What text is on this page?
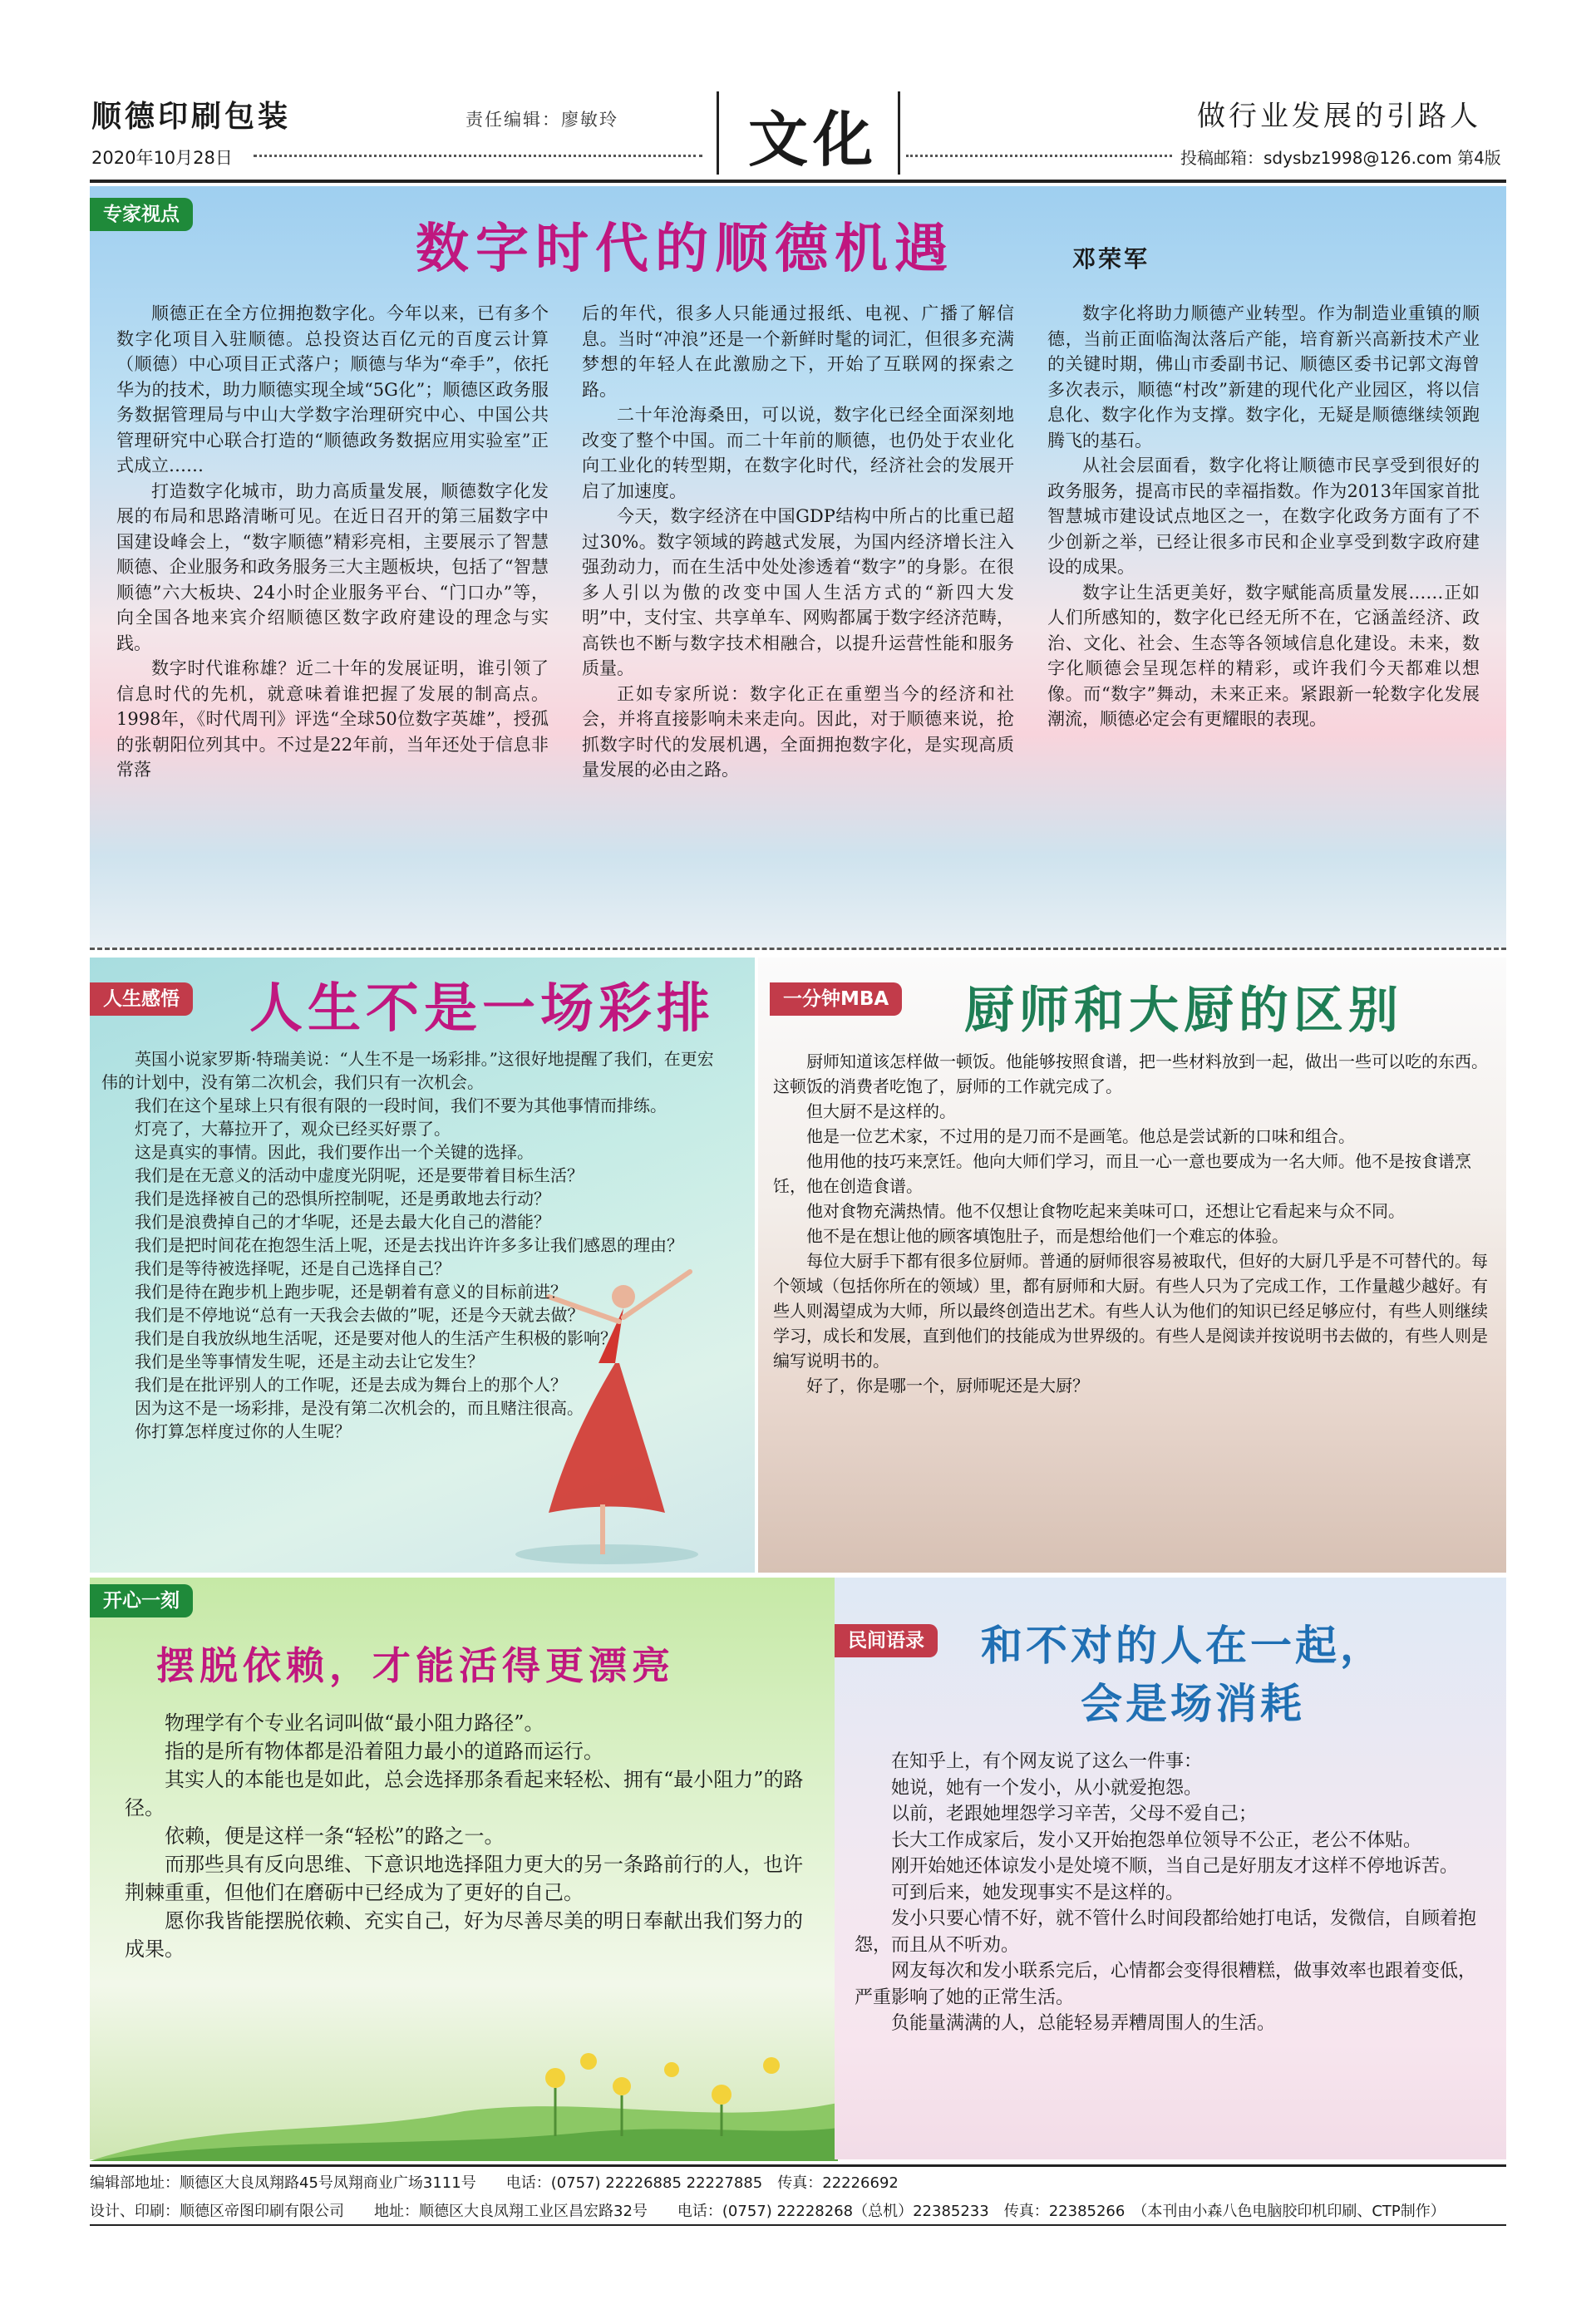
顺德印刷包装	责任编辑：廖敏玲
2020年10月28日	文化	做行业发展的引路人
投稿邮箱：sdysbz1998@126.com 第4版
专家视点
数字时代的顺德机遇	邓荣军

顺德正在全方位拥抱数字化。今年以来，已有多个数字化项目入驻顺德。总投资达百亿元的百度云计算（顺德）中心项目正式落户；顺德与华为“牵手”，依托华为的技术，助力顺德实现全域“5G化”；顺德区政务服务数据管理局与中山大学数字治理研究中心、中国公共管理研究中心联合打造的“顺德政务数据应用实验室”正式成立……

打造数字化城市，助力高质量发展，顺德数字化发展的布局和思路清晰可见。在近日召开的第三届数字中国建设峰会上，“数字顺德”精彩亮相，主要展示了智慧顺德、企业服务和政务服务三大主题板块，包括了“智慧顺德”六大板块、24小时企业服务平台、“门口办”等，向全国各地来宾介绍顺德区数字政府建设的理念与实践。

数字时代谁称雄？近二十年的发展证明，谁引领了信息时代的先机，就意味着谁把握了发展的制高点。1998年，《时代周刊》评选“全球50位数字英雄”，授孤的张朝阳位列其中。不过是22年前，当年还处于信息非常落

后的年代，很多人只能通过报纸、电视、广播了解信息。当时“冲浪”还是一个新鲜时髦的词汇，但很多充满梦想的年轻人在此激励之下，开始了互联网的探索之路。

二十年沧海桑田，可以说，数字化已经全面深刻地改变了整个中国。而二十年前的顺德，也仍处于农业化向工业化的转型期，在数字化时代，经济社会的发展开启了加速度。

今天，数字经济在中国GDP结构中所占的比重已超过30%。数字领域的跨越式发展，为国内经济增长注入强劲动力，而在生活中处处渗透着“数字”的身影。在很多人引以为傲的改变中国人生活方式的“新四大发明”中，支付宝、共享单车、网购都属于数字经济范畴，高铁也不断与数字技术相融合，以提升运营性能和服务质量。

正如专家所说：数字化正在重塑当今的经济和社会，并将直接影响未来走向。因此，对于顺德来说，抢抓数字时代的发展机遇，全面拥抱数字化，是实现高质量发展的必由之路。

数字化将助力顺德产业转型。作为制造业重镇的顺德，当前正面临淘汰落后产能，培育新兴高新技术产业的关键时期，佛山市委副书记、顺德区委书记郭文海曾多次表示，顺德“村改”新建的现代化产业园区，将以信息化、数字化作为支撑。数字化，无疑是顺德继续领跑腾飞的基石。

从社会层面看，数字化将让顺德市民享受到很好的政务服务，提高市民的幸福指数。作为2013年国家首批智慧城市建设试点地区之一，在数字化政务方面有了不少创新之举，已经让很多市民和企业享受到数字政府建设的成果。

数字让生活更美好，数字赋能高质量发展……正如人们所感知的，数字化已经无所不在，它涵盖经济、政治、文化、社会、生态等各领域信息化建设。未来，数字化顺德会呈现怎样的精彩，或许我们今天都难以想像。而“数字”舞动，未来正来。紧跟新一轮数字化发展潮流，顺德必定会有更耀眼的表现。

人生感悟 人生不是一场彩排

英国小说家罗斯·特瑞美说：“人生不是一场彩排。”这很好地提醒了我们，在更宏伟的计划中，没有第二次机会，我们只有一次机会。

我们在这个星球上只有很有限的一段时间，我们不要为其他事情而排练。

灯亮了，大幕拉开了，观众已经买好票了。

这是真实的事情。因此，我们要作出一个关键的选择。

我们是在无意义的活动中虚度光阴呢，还是要带着目标生活？

我们是选择被自己的恐惧所控制呢，还是勇敢地去行动？

我们是浪费掉自己的才华呢，还是去最大化自己的潜能？

我们是把时间花在抱怨生活上呢，还是去找出许许多多让我们感恩的理由？

我们是等待被选择呢，还是自己选择自己？

我们是待在跑步机上跑步呢，还是朝着有意义的目标前进？

我们是不停地说“总有一天我会去做的”呢，还是今天就去做？

我们是自我放纵地生活呢，还是要对他人的生活产生积极的影响？

我们是坐等事情发生呢，还是主动去让它发生？

我们是在批评别人的工作呢，还是去成为舞台上的那个人？

因为这不是一场彩排，是没有第二次机会的，而且赌注很高。

你打算怎样度过你的人生呢？

一分钟MBA 厨师和大厨的区别

厨师知道该怎样做一顿饭。他能够按照食谱，把一些材料放到一起，做出一些可以吃的东西。这顿饭的消费者吃饱了，厨师的工作就完成了。

但大厨不是这样的。

他是一位艺术家，不过用的是刀而不是画笔。他总是尝试新的口味和组合。

他用他的技巧来烹饪。他向大师们学习，而且一心一意也要成为一名大师。他不是按食谱烹饪，他在创造食谱。

他对食物充满热情。他不仅想让食物吃起来美味可口，还想让它看起来与众不同。

他不是在想让他的顾客填饱肚子，而是想给他们一个难忘的体验。

每位大厨手下都有很多位厨师。普通的厨师很容易被取代，但好的大厨几乎是不可替代的。每个领域（包括你所在的领域）里，都有厨师和大厨。有些人只为了完成工作，工作量越少越好。有些人则渴望成为大师，所以最终创造出艺术。有些人认为他们的知识已经足够应付，有些人则继续学习，成长和发展，直到他们的技能成为世界级的。有些人是阅读并按说明书去做的，有些人则是编写说明书的。

好了，你是哪一个，厨师呢还是大厨？

开心一刻
摆脱依赖，才能活得更漂亮

物理学有个专业名词叫做“最小阻力路径”。

指的是所有物体都是沿着阻力最小的道路而运行。

其实人的本能也是如此，总会选择那条看起来轻松、拥有“最小阻力”的路径。

依赖，便是这样一条“轻松”的路之一。

而那些具有反向思维、下意识地选择阻力更大的另一条路前行的人，也许荆棘重重，但他们在磨砺中已经成为了更好的自己。

愿你我皆能摆脱依赖、充实自己，好为尽善尽美的明日奉献出我们努力的成果。

民间语录	和不对的人在一起，
会是场消耗

在知乎上，有个网友说了这么一件事：

她说，她有一个发小，从小就爱抱怨。

以前，老跟她埋怨学习辛苦，父母不爱自己；

长大工作成家后，发小又开始抱怨单位领导不公正，老公不体贴。

刚开始她还体谅发小是处境不顺，当自己是好朋友才这样不停地诉苦。

可到后来，她发现事实不是这样的。

发小只要心情不好，就不管什么时间段都给她打电话，发微信，自顾着抱怨，而且从不听劝。

网友每次和发小联系完后，心情都会变得很糟糕，做事效率也跟着变低，严重影响了她的正常生活。

负能量满满的人，总能轻易弄糟周围人的生活。

编辑部地址：顺德区大良凤翔路45号凤翔商业广场3111号　　电话：(0757) 22226885 22227885　传真：22226692
设计、印刷：顺德区帝图印刷有限公司　　地址：顺德区大良凤翔工业区昌宏路32号　　电话：(0757) 22228268（总机）22385233　传真：22385266　（本刊由小森八色电脑胶印机印刷、CTP制作）
